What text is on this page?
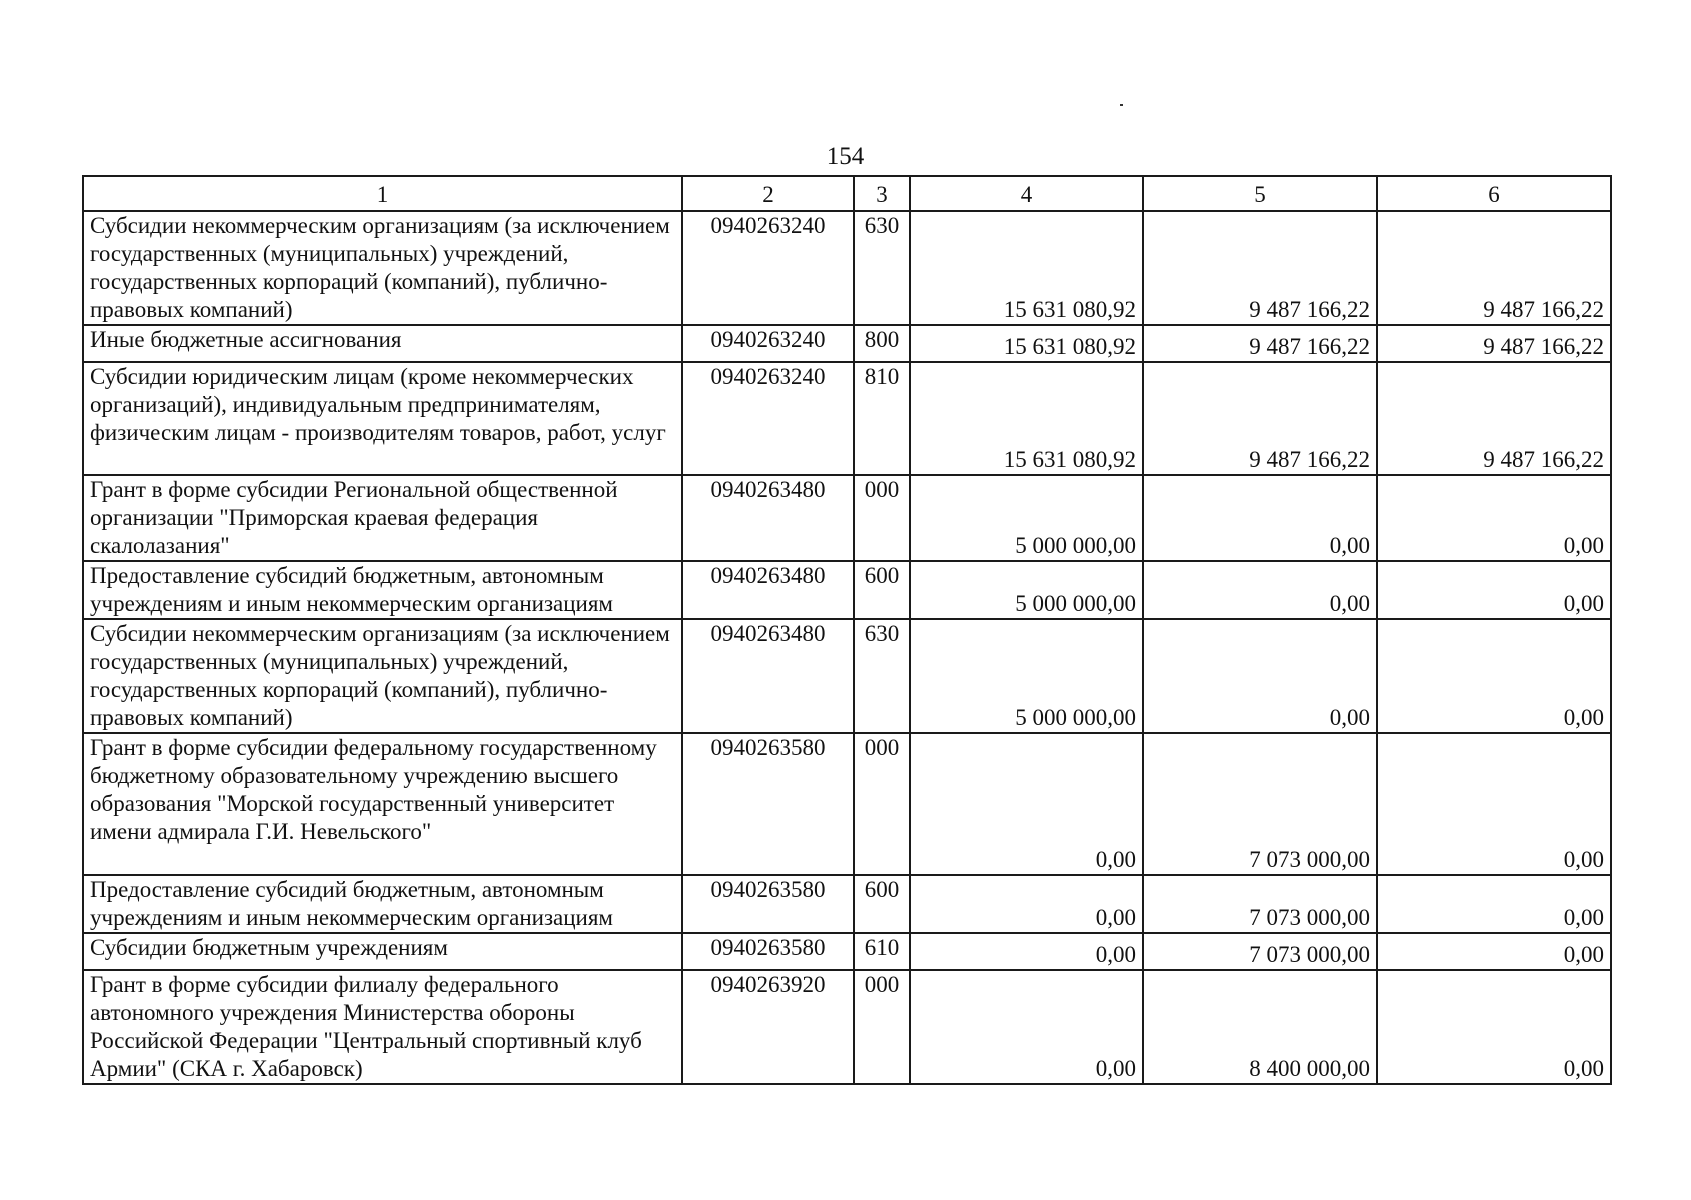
154
1	2	3	4	5	6
Субсидии некоммерческим организациям (за исключением государственных (муниципальных) учреждений, государственных корпораций (компаний), публично-правовых компаний)	0940263240	630	15 631 080,92	9 487 166,22	9 487 166,22
Иные бюджетные ассигнования	0940263240	800	15 631 080,92	9 487 166,22	9 487 166,22
Субсидии юридическим лицам (кроме некоммерческих организаций), индивидуальным предпринимателям, физическим лицам - производителям товаров, работ, услуг	0940263240	810	15 631 080,92	9 487 166,22	9 487 166,22
Грант в форме субсидии Региональной общественной организации "Приморская краевая федерация скалолазания"	0940263480	000	5 000 000,00	0,00	0,00
Предоставление субсидий бюджетным, автономным учреждениям и иным некоммерческим организациям	0940263480	600	5 000 000,00	0,00	0,00
Субсидии некоммерческим организациям (за исключением государственных (муниципальных) учреждений, государственных корпораций (компаний), публично-правовых компаний)	0940263480	630	5 000 000,00	0,00	0,00
Грант в форме субсидии федеральному государственному бюджетному образовательному учреждению высшего образования "Морской государственный университет имени адмирала Г.И. Невельского"	0940263580	000	0,00	7 073 000,00	0,00
Предоставление субсидий бюджетным, автономным учреждениям и иным некоммерческим организациям	0940263580	600	0,00	7 073 000,00	0,00
Субсидии бюджетным учреждениям	0940263580	610	0,00	7 073 000,00	0,00
Грант в форме субсидии филиалу федерального автономного учреждения Министерства обороны Российской Федерации "Центральный спортивный клуб Армии" (СКА г. Хабаровск)	0940263920	000	0,00	8 400 000,00	0,00
